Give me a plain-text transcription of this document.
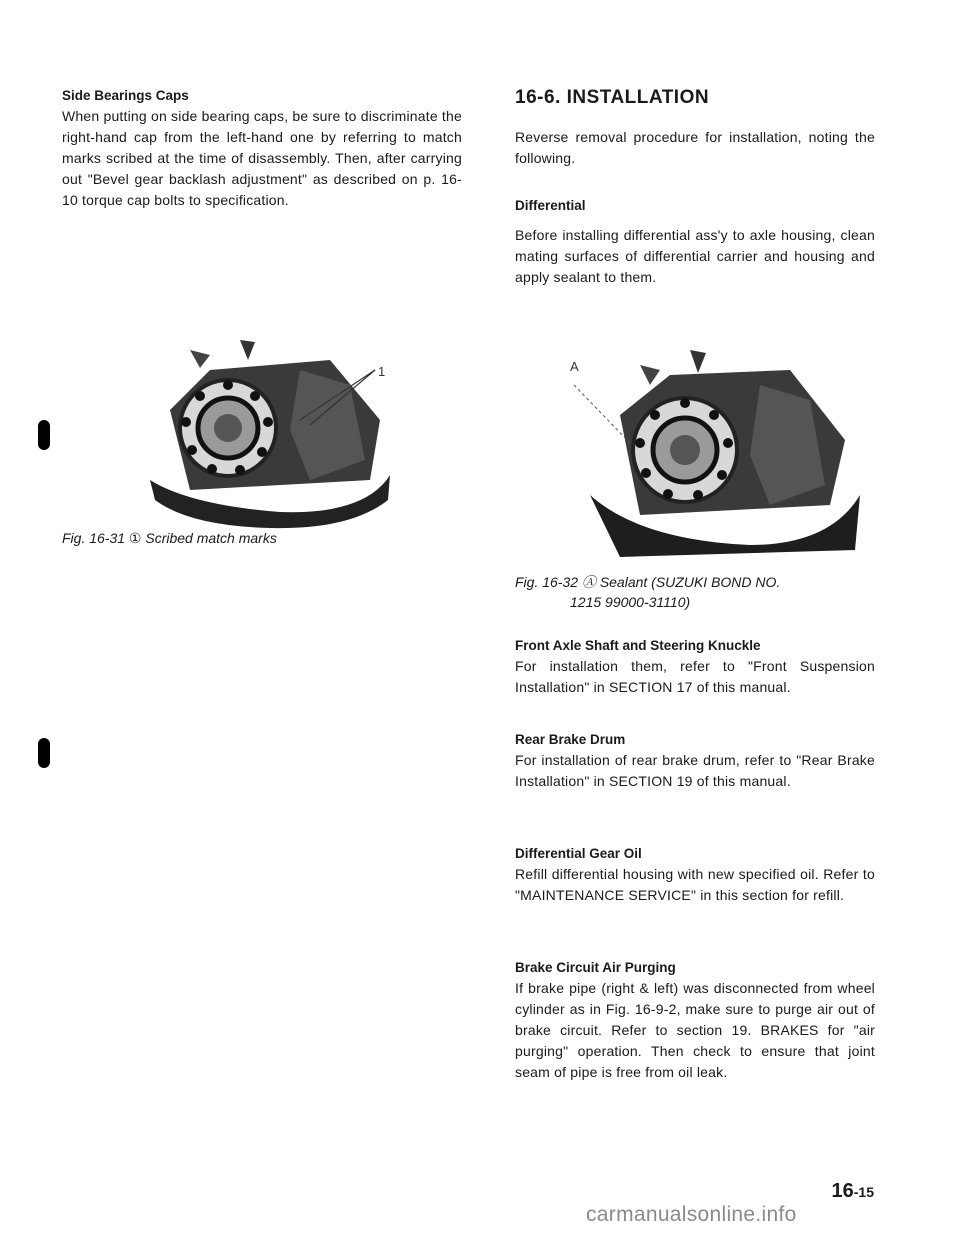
Side Bearings Caps
When putting on side bearing caps, be sure to discriminate the right-hand cap from the left-hand one by referring to match marks scribed at the time of disassembly. Then, after carrying out "Bevel gear backlash adjustment" as described on p. 16-10 torque cap bolts to specification.
1
Fig. 16-31 ① Scribed match marks
16-6. INSTALLATION
Reverse removal procedure for installation, noting the following.
Differential
Before installing differential ass'y to axle housing, clean mating surfaces of differential carrier and housing and apply sealant to them.
A
Fig. 16-32 Ⓐ Sealant (SUZUKI BOND NO.
1215 99000-31110)
Front Axle Shaft and Steering Knuckle
For installation them, refer to "Front Suspension Installation" in SECTION 17 of this manual.
Rear Brake Drum
For installation of rear brake drum, refer to "Rear Brake Installation" in SECTION 19 of this manual.
Differential Gear Oil
Refill differential housing with new specified oil. Refer to "MAINTENANCE SERVICE" in this section for refill.
Brake Circuit Air Purging
If brake pipe (right & left) was disconnected from wheel cylinder as in Fig. 16-9-2, make sure to purge air out of brake circuit. Refer to section 19. BRAKES for "air purging" operation. Then check to ensure that joint seam of pipe is free from oil leak.
16-15
carmanualsonline.info
